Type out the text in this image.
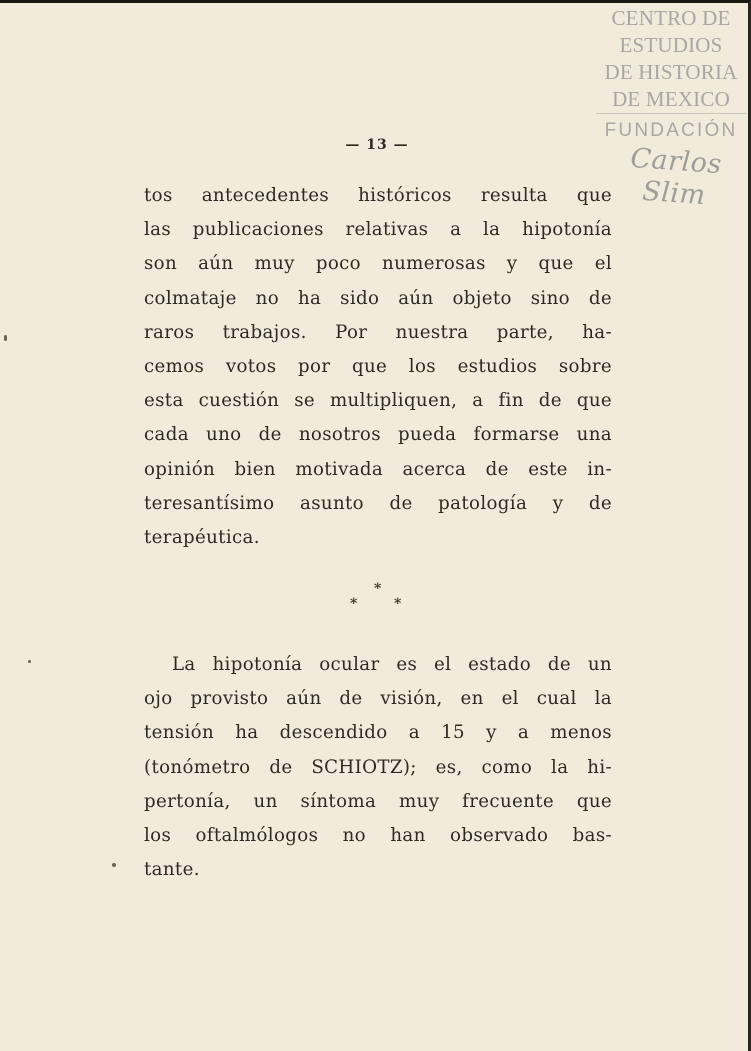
CENTRO DE
ESTUDIOS
DE HISTORIA
DE MEXICO
FUNDACIÓN
Carlos Slim
— 13 —
tos antecedentes históricos resulta que
las publicaciones relativas a la hipotonía
son aún muy poco numerosas y que el
colmataje no ha sido aún objeto sino de
raros trabajos. Por nuestra parte, ha-
cemos votos por que los estudios sobre
esta cuestión se multipliquen, a fin de que
cada uno de nosotros pueda formarse una
opinión bien motivada acerca de este in-
teresantísimo asunto de patología y de
terapéutica.
*
*	*
La hipotonía ocular es el estado de un
ojo provisto aún de visión, en el cual la
tensión ha descendido a 15 y a menos
(tonómetro de SCHIOTZ); es, como la hi-
pertonía, un síntoma muy frecuente que
los oftalmólogos no han observado bas-
tante.
